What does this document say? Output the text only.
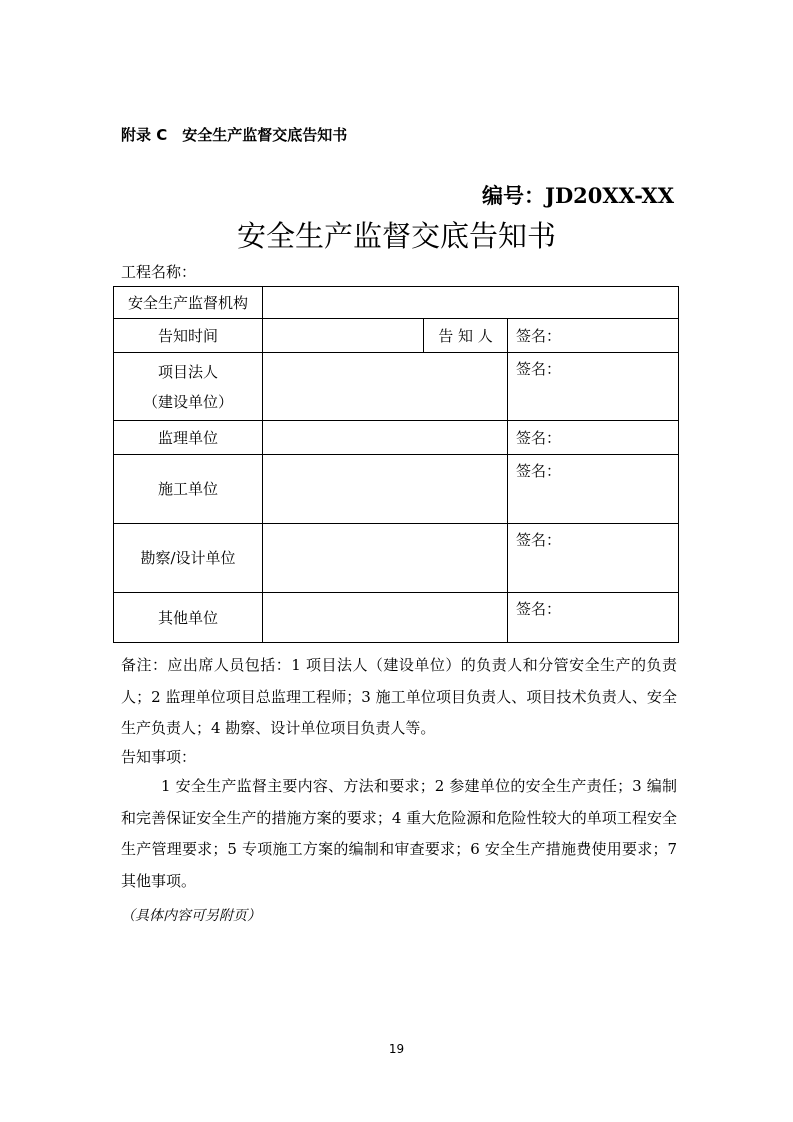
附录 C　安全生产监督交底告知书
编号：JD20XX-XX
安全生产监督交底告知书
工程名称：
安全生产监督机构			
告知时间		告 知 人	签名：

项目法人
（建设单位）			签名：
监理单位			签名：
施工单位			签名：
勘察/设计单位			签名：
其他单位			签名：
备注：应出席人员包括：1 项目法人（建设单位）的负责人和分管安全生产的负责人；2 监理单位项目总监理工程师；3 施工单位项目负责人、项目技术负责人、安全生产负责人；4 勘察、设计单位项目负责人等。
告知事项：
1 安全生产监督主要内容、方法和要求；2 参建单位的安全生产责任；3 编制和完善保证安全生产的措施方案的要求；4 重大危险源和危险性较大的单项工程安全生产管理要求；5 专项施工方案的编制和审查要求；6 安全生产措施费使用要求；7 其他事项。
（具体内容可另附页）
19
